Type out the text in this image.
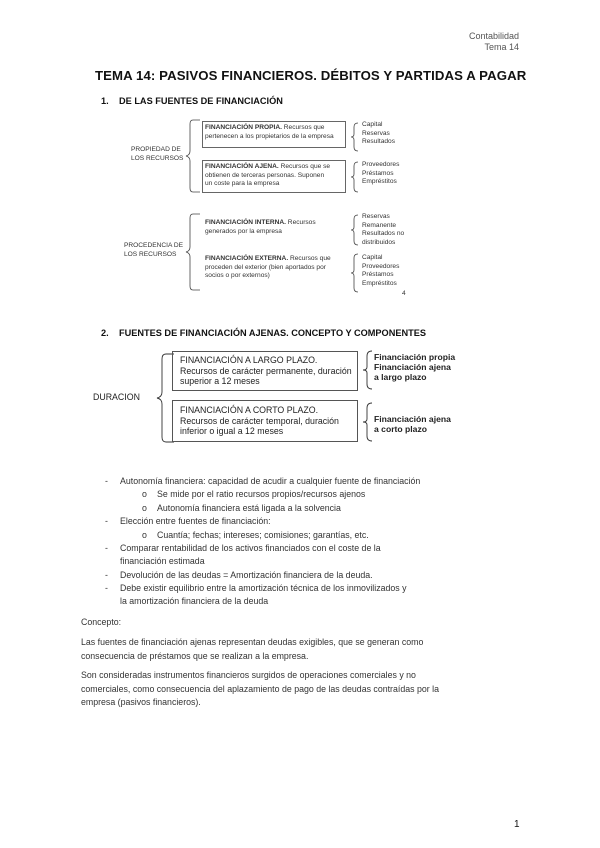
Contabilidad
Tema 14
TEMA 14: PASIVOS FINANCIEROS. DÉBITOS Y PARTIDAS A PAGAR
1. DE LAS FUENTES DE FINANCIACIÓN
PROPIEDAD DE
LOS RECURSOS
FINANCIACIÓN PROPIA. Recursos que
pertenecen a los propietarios de la empresa
Capital
Reservas
Resultados
FINANCIACIÓN AJENA. Recursos que se
obtienen de terceras personas. Suponen
un coste para la empresa
Proveedores
Préstamos
Empréstitos
PROCEDENCIA DE
LOS RECURSOS
FINANCIACIÓN INTERNA. Recursos
generados por la empresa
Reservas
Remanente
Resultados no
distribuidos
FINANCIACIÓN EXTERNA. Recursos que
proceden del exterior (bien aportados por
socios o por externos)
Capital
Proveedores
Préstamos
Empréstitos
4
2. FUENTES DE FINANCIACIÓN AJENAS. CONCEPTO Y COMPONENTES
DURACION
FINANCIACIÓN A LARGO PLAZO.
Recursos de carácter permanente, duración
superior a 12 meses
Financiación propia
Financiación ajena
a largo plazo
FINANCIACIÓN A CORTO PLAZO.
Recursos de carácter temporal, duración
inferior o igual a 12 meses
Financiación ajena
a corto plazo
- Autonomía financiera: capacidad de acudir a cualquier fuente de financiación
o Se mide por el ratio recursos propios/recursos ajenos
o Autonomía financiera está ligada a la solvencia
- Elección entre fuentes de financiación:
o Cuantía; fechas; intereses; comisiones; garantías, etc.
- Comparar rentabilidad de los activos financiados con el coste de la
financiación estimada
- Devolución de las deudas = Amortización financiera de la deuda.
- Debe existir equilibrio entre la amortización técnica de los inmovilizados y
la amortización financiera de la deuda
Concepto:
Las fuentes de financiación ajenas representan deudas exigibles, que se generan como
consecuencia de préstamos que se realizan a la empresa.
Son consideradas instrumentos financieros surgidos de operaciones comerciales y no
comerciales, como consecuencia del aplazamiento de pago de las deudas contraídas por la
empresa (pasivos financieros).
1
